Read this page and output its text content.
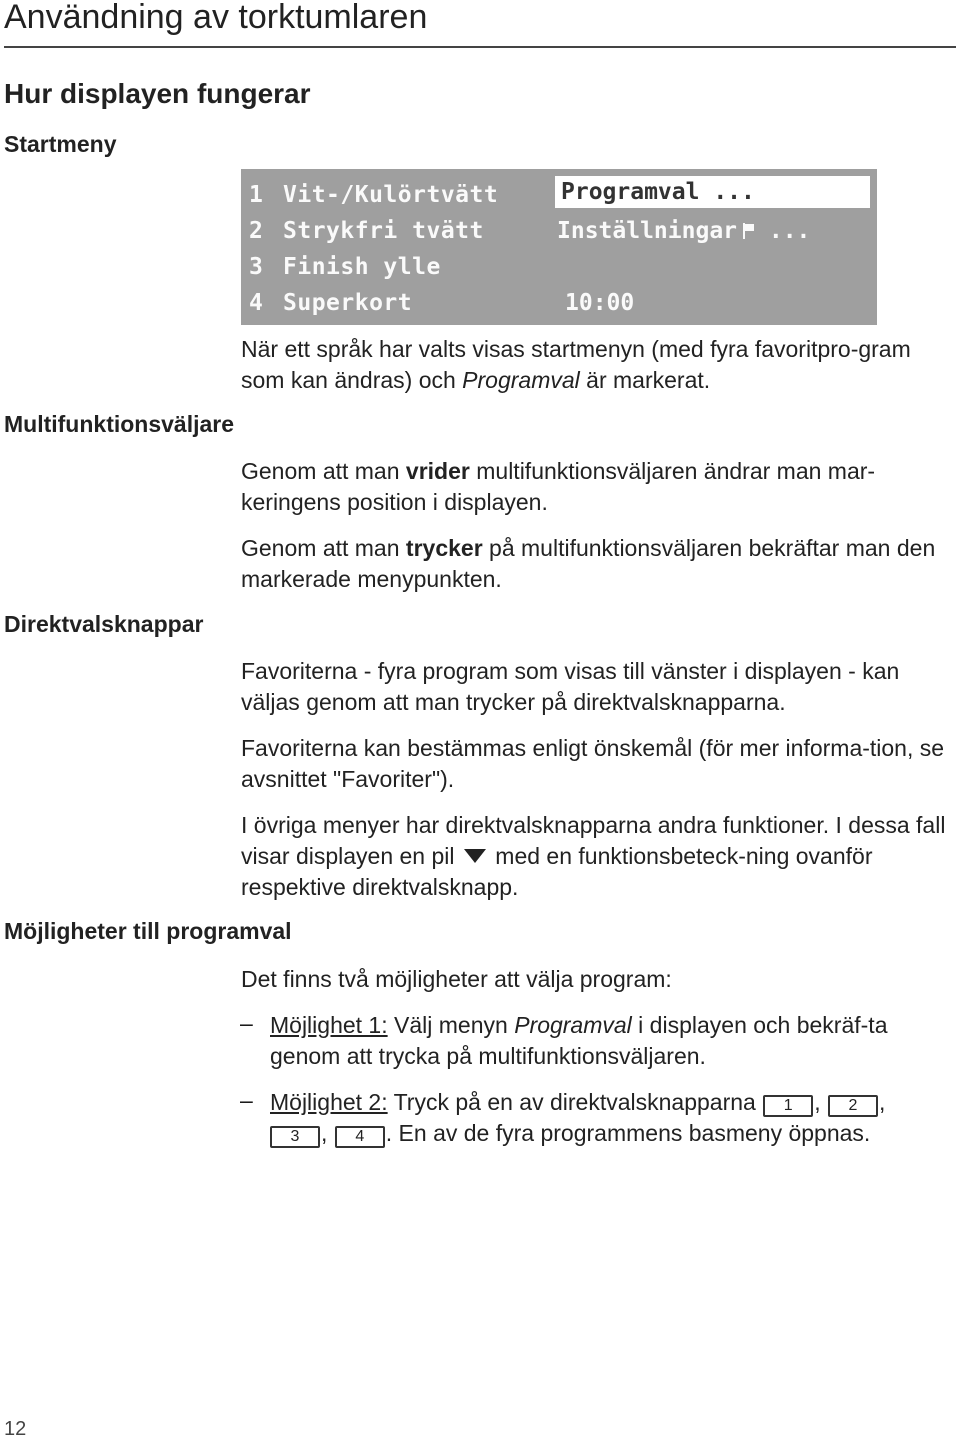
Användning av torktumlaren
Hur displayen fungerar
Startmeny
1 Vit-/Kulörtvätt
2 Strykfri tvätt
3 Finish ylle
4 Superkort
Programval ...
Inställningar ...
10:00

När ett språk har valts visas startmenyn (med fyra favoritpro-gram som kan ändras) och Programval är markerat.

Multifunktionsväljare

Genom att man vrider multifunktionsväljaren ändrar man mar-keringens position i displayen.

Genom att man trycker på multifunktionsväljaren bekräftar man den markerade menypunkten.

Direktvalsknappar

Favoriterna - fyra program som visas till vänster i displayen - kan väljas genom att man trycker på direktvalsknapparna.

Favoriterna kan bestämmas enligt önskemål (för mer informa-tion, se avsnittet "Favoriter").

I övriga menyer har direktvalsknapparna andra funktioner. I dessa fall visar displayen en pil  med en funktionsbeteck-ning ovanför respektive direktvalsknapp.

Möjligheter till programval

Det finns två möjligheter att välja program:

– Möjlighet 1: Välj menyn Programval i displayen och bekräf-ta genom att trycka på multifunktionsväljaren.

– Möjlighet 2: Tryck på en av direktvalsknapparna 1 , 2 ,
3 , 4 . En av de fyra programmens basmeny öppnas.

12
